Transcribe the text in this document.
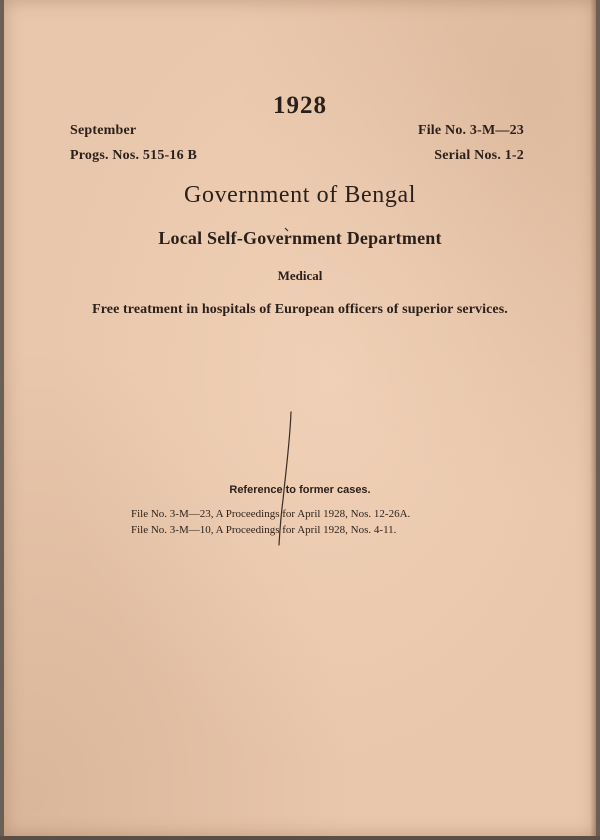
1928
September
Progs. Nos. 515-16 B
File No. 3-M—23
Serial Nos. 1-2
Government of Bengal
Local Self-Government Department
Medical
Free treatment in hospitals of European officers of superior services.
Reference to former cases.
File No. 3-M—23, A Proceedings for April 1928, Nos. 12-26A.
File No. 3-M—10, A Proceedings for April 1928, Nos. 4-11.
